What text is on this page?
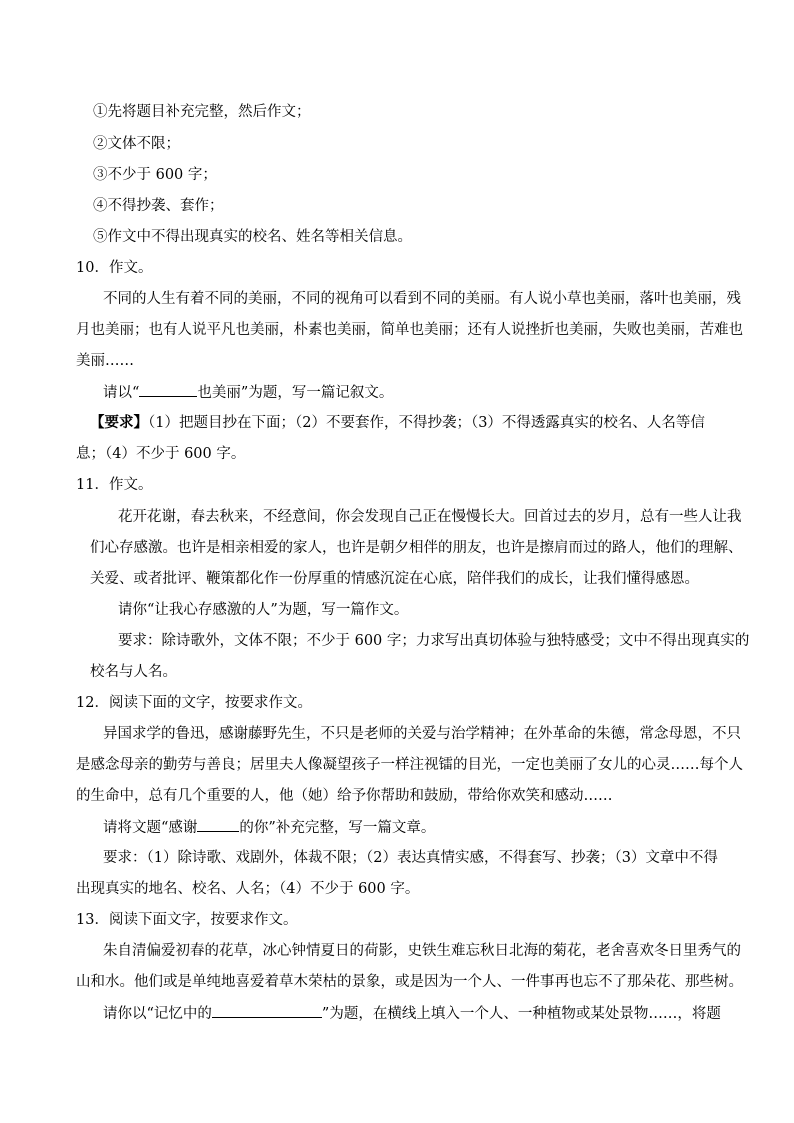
①先将题目补充完整，然后作文；
②文体不限；
③不少于 600 字；
④不得抄袭、套作；
⑤作文中不得出现真实的校名、姓名等相关信息。
10．作文。
不同的人生有着不同的美丽，不同的视角可以看到不同的美丽。有人说小草也美丽，落叶也美丽，残
月也美丽；也有人说平凡也美丽，朴素也美丽，简单也美丽；还有人说挫折也美丽，失败也美丽，苦难也
美丽……
请以“	也美丽”为题，写一篇记叙文。
【要求】（1）把题目抄在下面；（2）不要套作，不得抄袭；（3）不得透露真实的校名、人名等信
息；（4）不少于 600 字。
11．作文。
花开花谢，春去秋来，不经意间，你会发现自己正在慢慢长大。回首过去的岁月，总有一些人让我
们心存感激。也许是相亲相爱的家人，也许是朝夕相伴的朋友，也许是擦肩而过的路人，他们的理解、
关爱、或者批评、鞭策都化作一份厚重的情感沉淀在心底，陪伴我们的成长，让我们懂得感恩。
请你“让我心存感激的人”为题，写一篇作文。
要求：除诗歌外，文体不限；不少于 600 字；力求写出真切体验与独特感受；文中不得出现真实的
校名与人名。
12．阅读下面的文字，按要求作文。
异国求学的鲁迅，感谢藤野先生，不只是老师的关爱与治学精神；在外革命的朱德，常念母恩，不只
是感念母亲的勤劳与善良；居里夫人像凝望孩子一样注视镭的目光，一定也美丽了女儿的心灵……每个人
的生命中，总有几个重要的人，他（她）给予你帮助和鼓励，带给你欢笑和感动……
请将文题“感谢	的你”补充完整，写一篇文章。
要求：（1）除诗歌、戏剧外，体裁不限；（2）表达真情实感，不得套写、抄袭；（3）文章中不得
出现真实的地名、校名、人名；（4）不少于 600 字。
13．阅读下面文字，按要求作文。
朱自清偏爱初春的花草，冰心钟情夏日的荷影，史铁生难忘秋日北海的菊花，老舍喜欢冬日里秀气的
山和水。他们或是单纯地喜爱着草木荣枯的景象，或是因为一个人、一件事再也忘不了那朵花、那些树。
请你以“记忆中的	”为题，在横线上填入一个人、一种植物或某处景物……，将题
